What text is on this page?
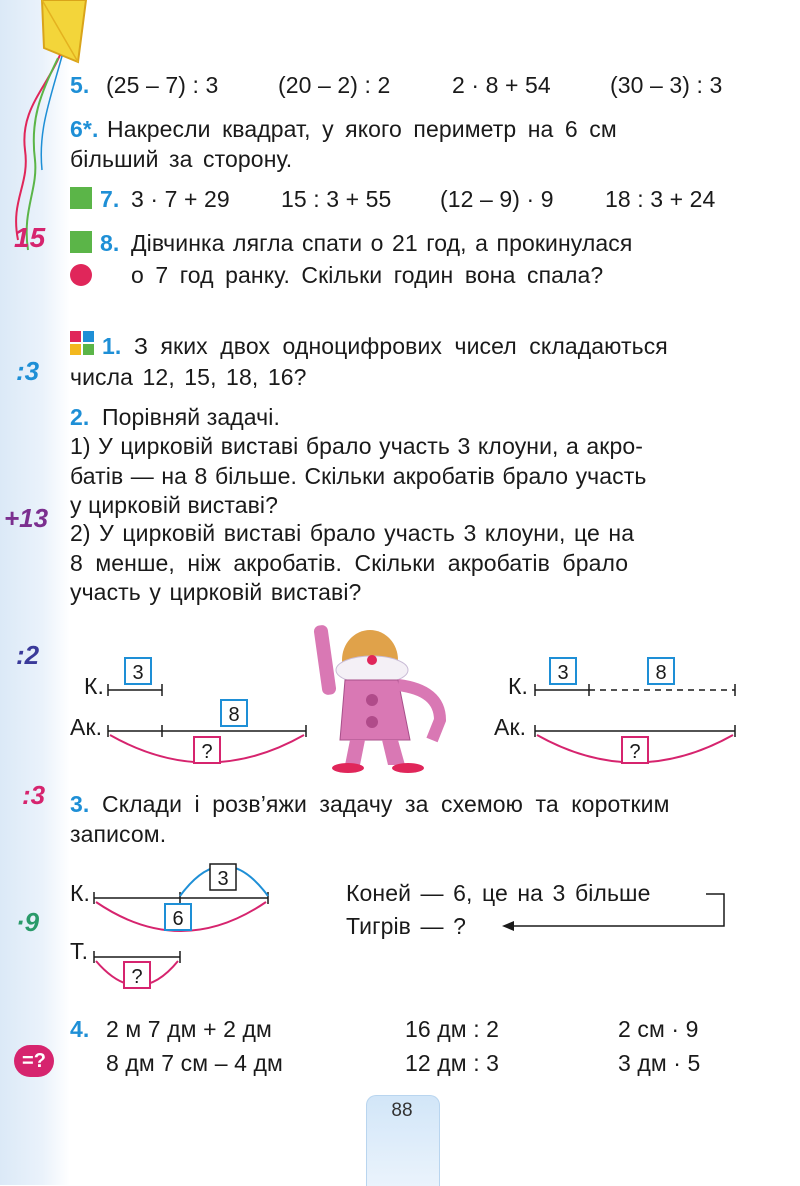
15
:3
+13
:2
:3
·9
=?
5. (25 – 7) : 3	(20 – 2) : 2	2 · 8 + 54	(30 – 3) : 3
6*. Накресли квадрат, у якого периметр на 6 см
більший за сторону.
7. 3 · 7 + 29 15 : 3 + 55 (12 – 9) · 9 18 : 3 + 24
8. Дівчинка лягла спати о 21 год, а прокинулася
о 7 год ранку. Скільки годин вона спала?
1. З яких двох одноцифрових чисел складаються
числа 12, 15, 18, 16?
2. Порівняй задачі.
1) У цирковій виставі брало участь 3 клоуни, а акро-
батів — на 8 більше. Скільки акробатів брало участь
у цирковій виставі?
2) У цирковій виставі брало участь 3 клоуни, це на
8 менше, ніж акробатів. Скільки акробатів брало
участь у цирковій виставі?
К.
Ак.
К.
Ак.
3
8
?
3	8
?
3
6
?
3. Склади і розв’яжи задачу за схемою та коротким
записом.
К.
Т.
Коней — 6, це на 3 більше
Тигрів — ?
4. 2 м 7 дм + 2 дм	16 дм : 2	2 см · 9
8 дм 7 см – 4 дм	12 дм : 3	3 дм · 5
88
